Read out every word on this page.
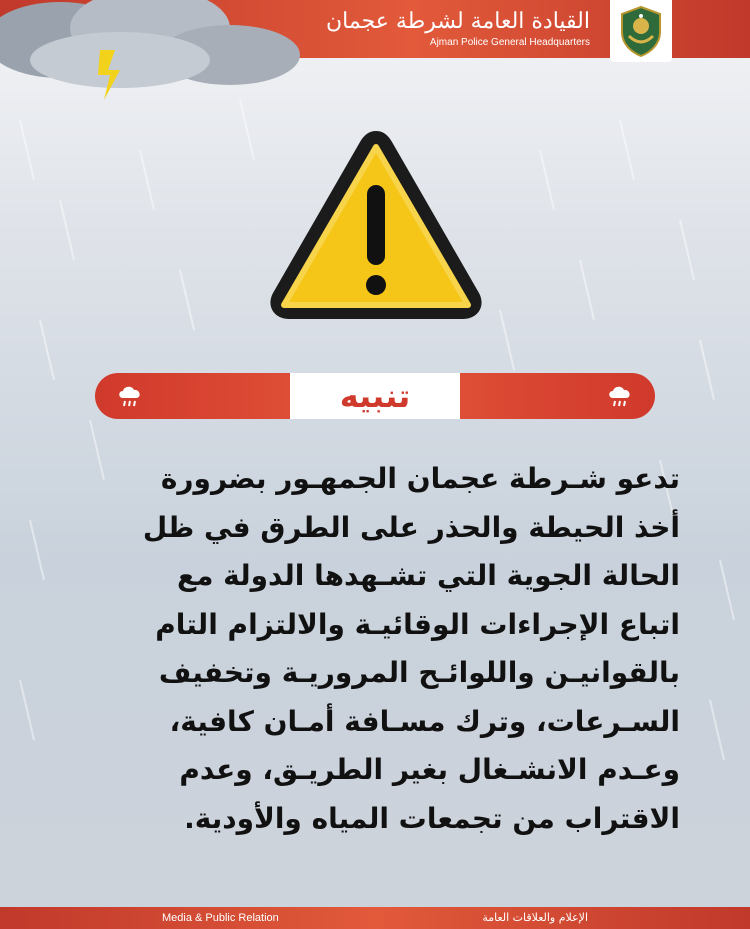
القيادة العامة لشرطة عجمان
Ajman Police General Headquarters
تنبيه
تدعو شـرطة عجمان الجمهـور بضرورة
أخذ الحيطة والحذر على الطرق في ظل
الحالة الجوية التي تشـهدها الدولة مع
اتباع الإجراءات الوقائيـة والالتزام التام
بالقوانيـن واللوائـح المروريـة وتخفيف
السـرعات، وترك مسـافة أمـان كافية،
وعـدم الانشـغال بغير الطريـق، وعدم
الاقتراب من تجمعات المياه والأودية.
Media & Public Relation	الإعلام والعلاقات العامة
